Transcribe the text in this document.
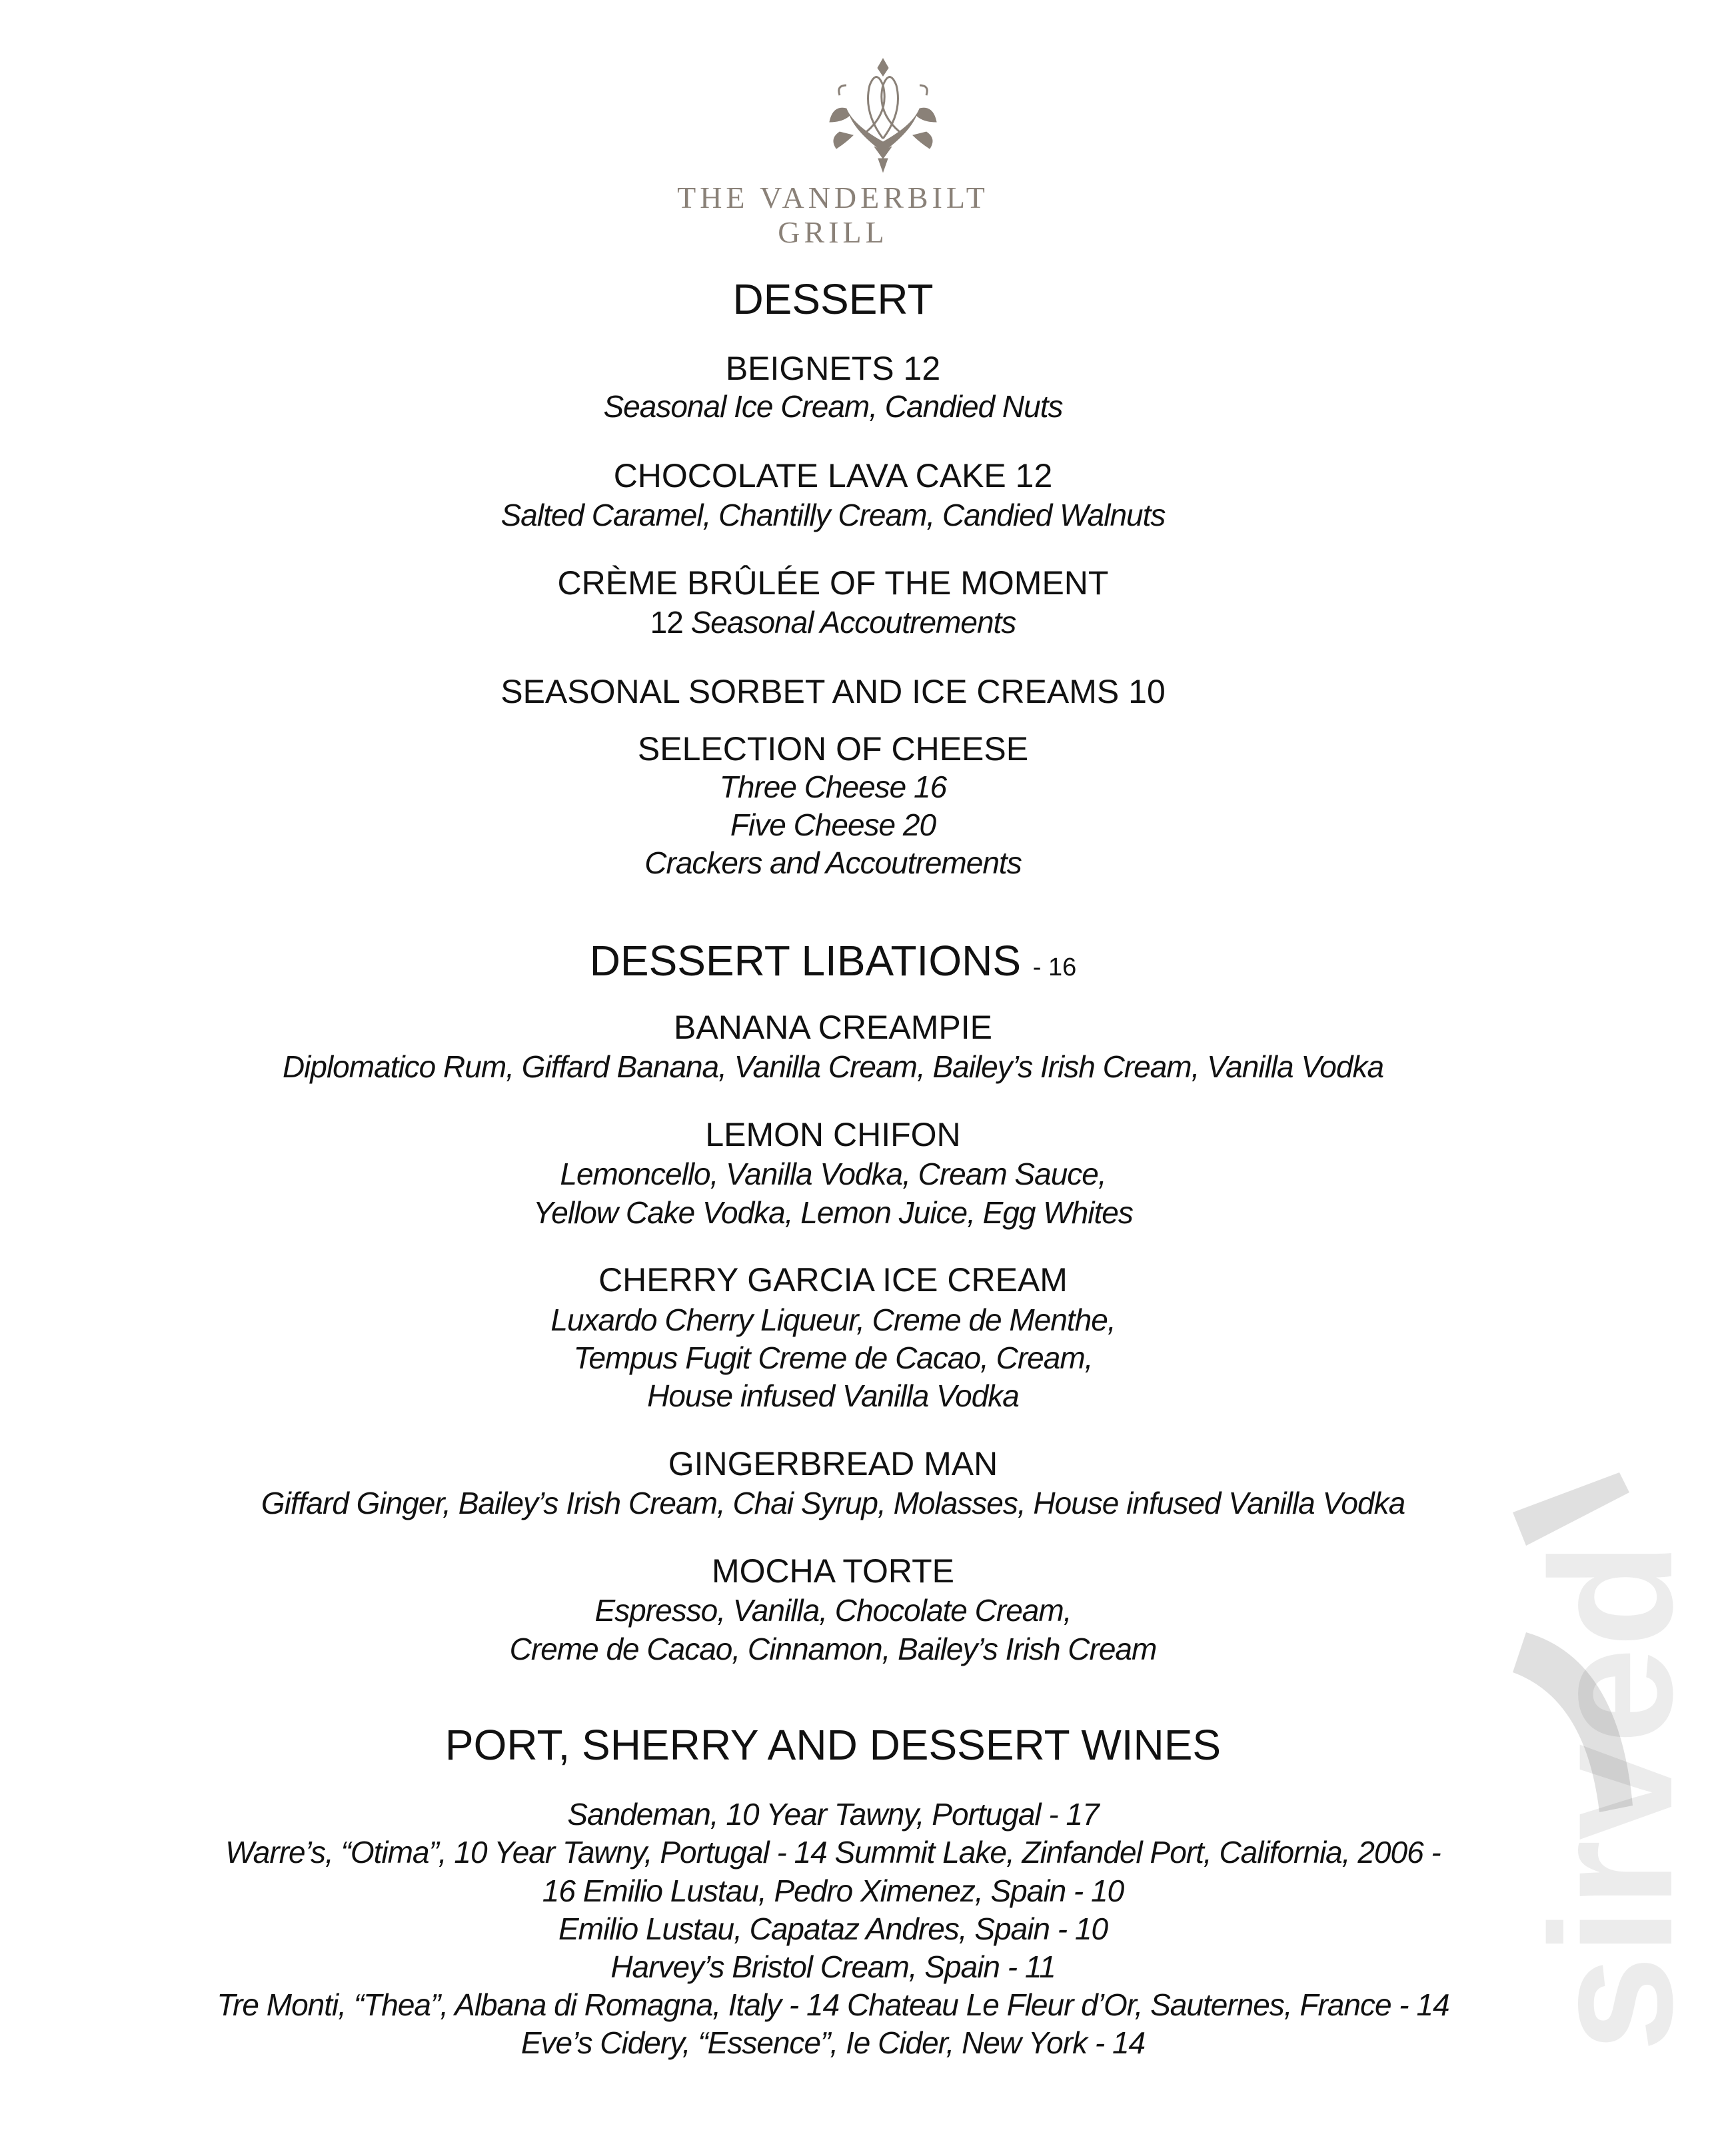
THE VANDERBILT
GRILL
DESSERT
BEIGNETS 12
Seasonal Ice Cream, Candied Nuts
CHOCOLATE LAVA CAKE 12
Salted Caramel, Chantilly Cream, Candied Walnuts
CRÈME BRÛLÉE OF THE MOMENT
12 Seasonal Accoutrements
SEASONAL SORBET AND ICE CREAMS 10
SELECTION OF CHEESE
Three Cheese 16
Five Cheese 20
Crackers and Accoutrements
DESSERT LIBATIONS - 16
BANANA CREAMPIE
Diplomatico Rum, Giffard Banana, Vanilla Cream, Bailey’s Irish Cream, Vanilla Vodka
LEMON CHIFON
Lemoncello, Vanilla Vodka, Cream Sauce,
Yellow Cake Vodka, Lemon Juice, Egg Whites
CHERRY GARCIA ICE CREAM
Luxardo Cherry Liqueur, Creme de Menthe,
Tempus Fugit Creme de Cacao, Cream,
House infused Vanilla Vodka
GINGERBREAD MAN
Giffard Ginger, Bailey’s Irish Cream, Chai Syrup, Molasses, House infused Vanilla Vodka
MOCHA TORTE
Espresso, Vanilla, Chocolate Cream,
Creme de Cacao, Cinnamon, Bailey’s Irish Cream
PORT, SHERRY AND DESSERT WINES
Sandeman, 10 Year Tawny, Portugal - 17
Warre’s, “Otima”, 10 Year Tawny, Portugal - 14 Summit Lake, Zinfandel Port, California, 2006 -
16 Emilio Lustau, Pedro Ximenez, Spain - 10
Emilio Lustau, Capataz Andres, Spain - 10
Harvey’s Bristol Cream, Spain - 11
Tre Monti, “Thea”, Albana di Romagna, Italy - 14 Chateau Le Fleur d’Or, Sauternes, France - 14
Eve’s Cidery, “Essence”, Ie Cider, New York - 14	sirved
